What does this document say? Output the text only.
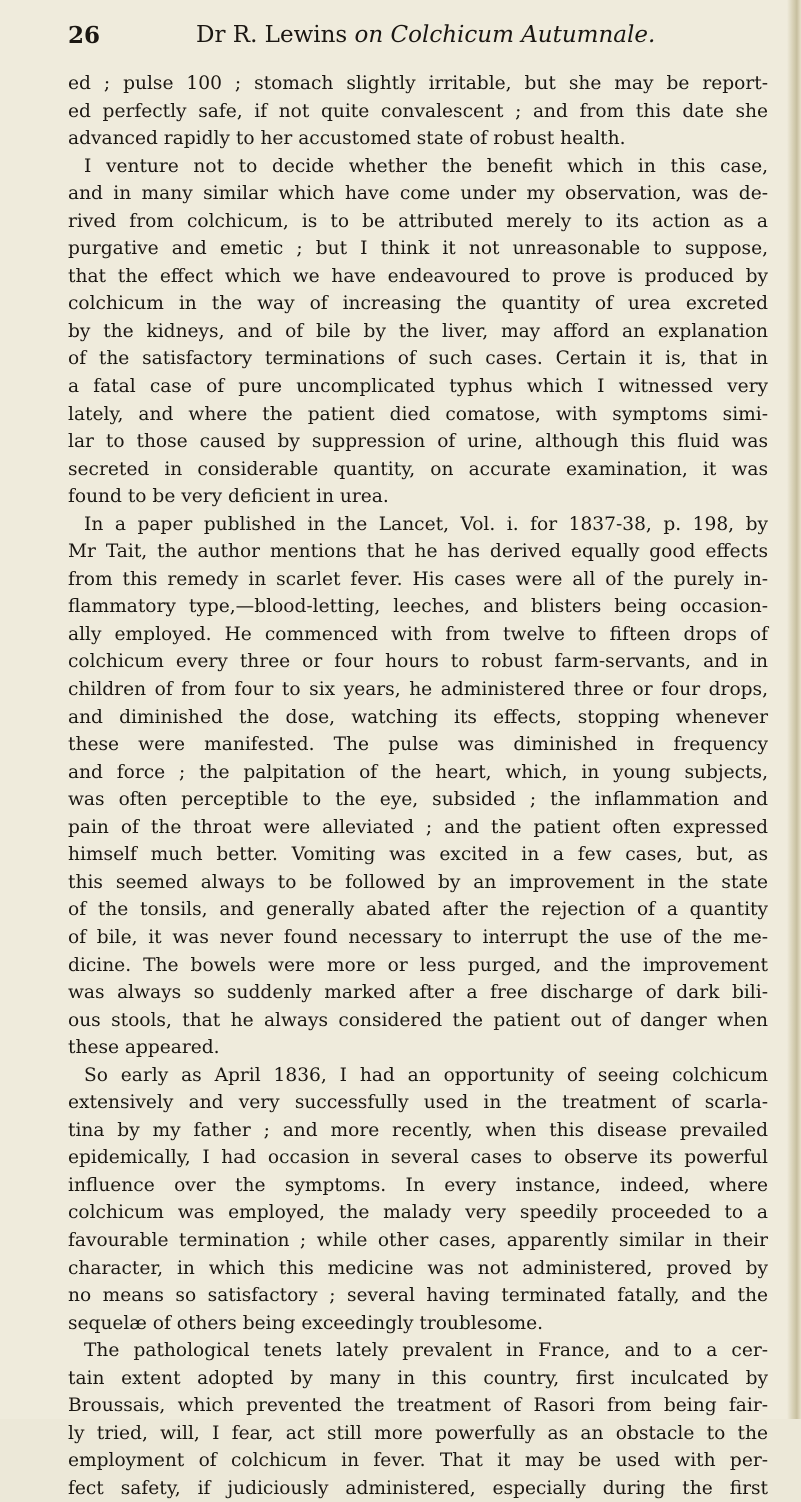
26	Dr R. Lewins on Colchicum Autumnale.
ed ; pulse 100 ; stomach slightly irritable, but she may be report-
ed perfectly safe, if not quite convalescent ; and from this date she
advanced rapidly to her accustomed state of robust health.
I venture not to decide whether the benefit which in this case,
and in many similar which have come under my observation, was de-
rived from colchicum, is to be attributed merely to its action as a
purgative and emetic ; but I think it not unreasonable to suppose,
that the effect which we have endeavoured to prove is produced by
colchicum in the way of increasing the quantity of urea excreted
by the kidneys, and of bile by the liver, may afford an explanation
of the satisfactory terminations of such cases. Certain it is, that in
a fatal case of pure uncomplicated typhus which I witnessed very
lately, and where the patient died comatose, with symptoms simi-
lar to those caused by suppression of urine, although this fluid was
secreted in considerable quantity, on accurate examination, it was
found to be very deficient in urea.
In a paper published in the Lancet, Vol. i. for 1837-38, p. 198, by
Mr Tait, the author mentions that he has derived equally good effects
from this remedy in scarlet fever. His cases were all of the purely in-
flammatory type,—blood-letting, leeches, and blisters being occasion-
ally employed. He commenced with from twelve to fifteen drops of
colchicum every three or four hours to robust farm-servants, and in
children of from four to six years, he administered three or four drops,
and diminished the dose, watching its effects, stopping whenever
these were manifested. The pulse was diminished in frequency
and force ; the palpitation of the heart, which, in young subjects,
was often perceptible to the eye, subsided ; the inflammation and
pain of the throat were alleviated ; and the patient often expressed
himself much better. Vomiting was excited in a few cases, but, as
this seemed always to be followed by an improvement in the state
of the tonsils, and generally abated after the rejection of a quantity
of bile, it was never found necessary to interrupt the use of the me-
dicine. The bowels were more or less purged, and the improvement
was always so suddenly marked after a free discharge of dark bili-
ous stools, that he always considered the patient out of danger when
these appeared.
So early as April 1836, I had an opportunity of seeing colchicum
extensively and very successfully used in the treatment of scarla-
tina by my father ; and more recently, when this disease prevailed
epidemically, I had occasion in several cases to observe its powerful
influence over the symptoms. In every instance, indeed, where
colchicum was employed, the malady very speedily proceeded to a
favourable termination ; while other cases, apparently similar in their
character, in which this medicine was not administered, proved by
no means so satisfactory ; several having terminated fatally, and the
sequelæ of others being exceedingly troublesome.
The pathological tenets lately prevalent in France, and to a cer-
tain extent adopted by many in this country, first inculcated by
Broussais, which prevented the treatment of Rasori from being fair-
ly tried, will, I fear, act still more powerfully as an obstacle to the
employment of colchicum in fever. That it may be used with per-
fect safety, if judiciously administered, especially during the first
